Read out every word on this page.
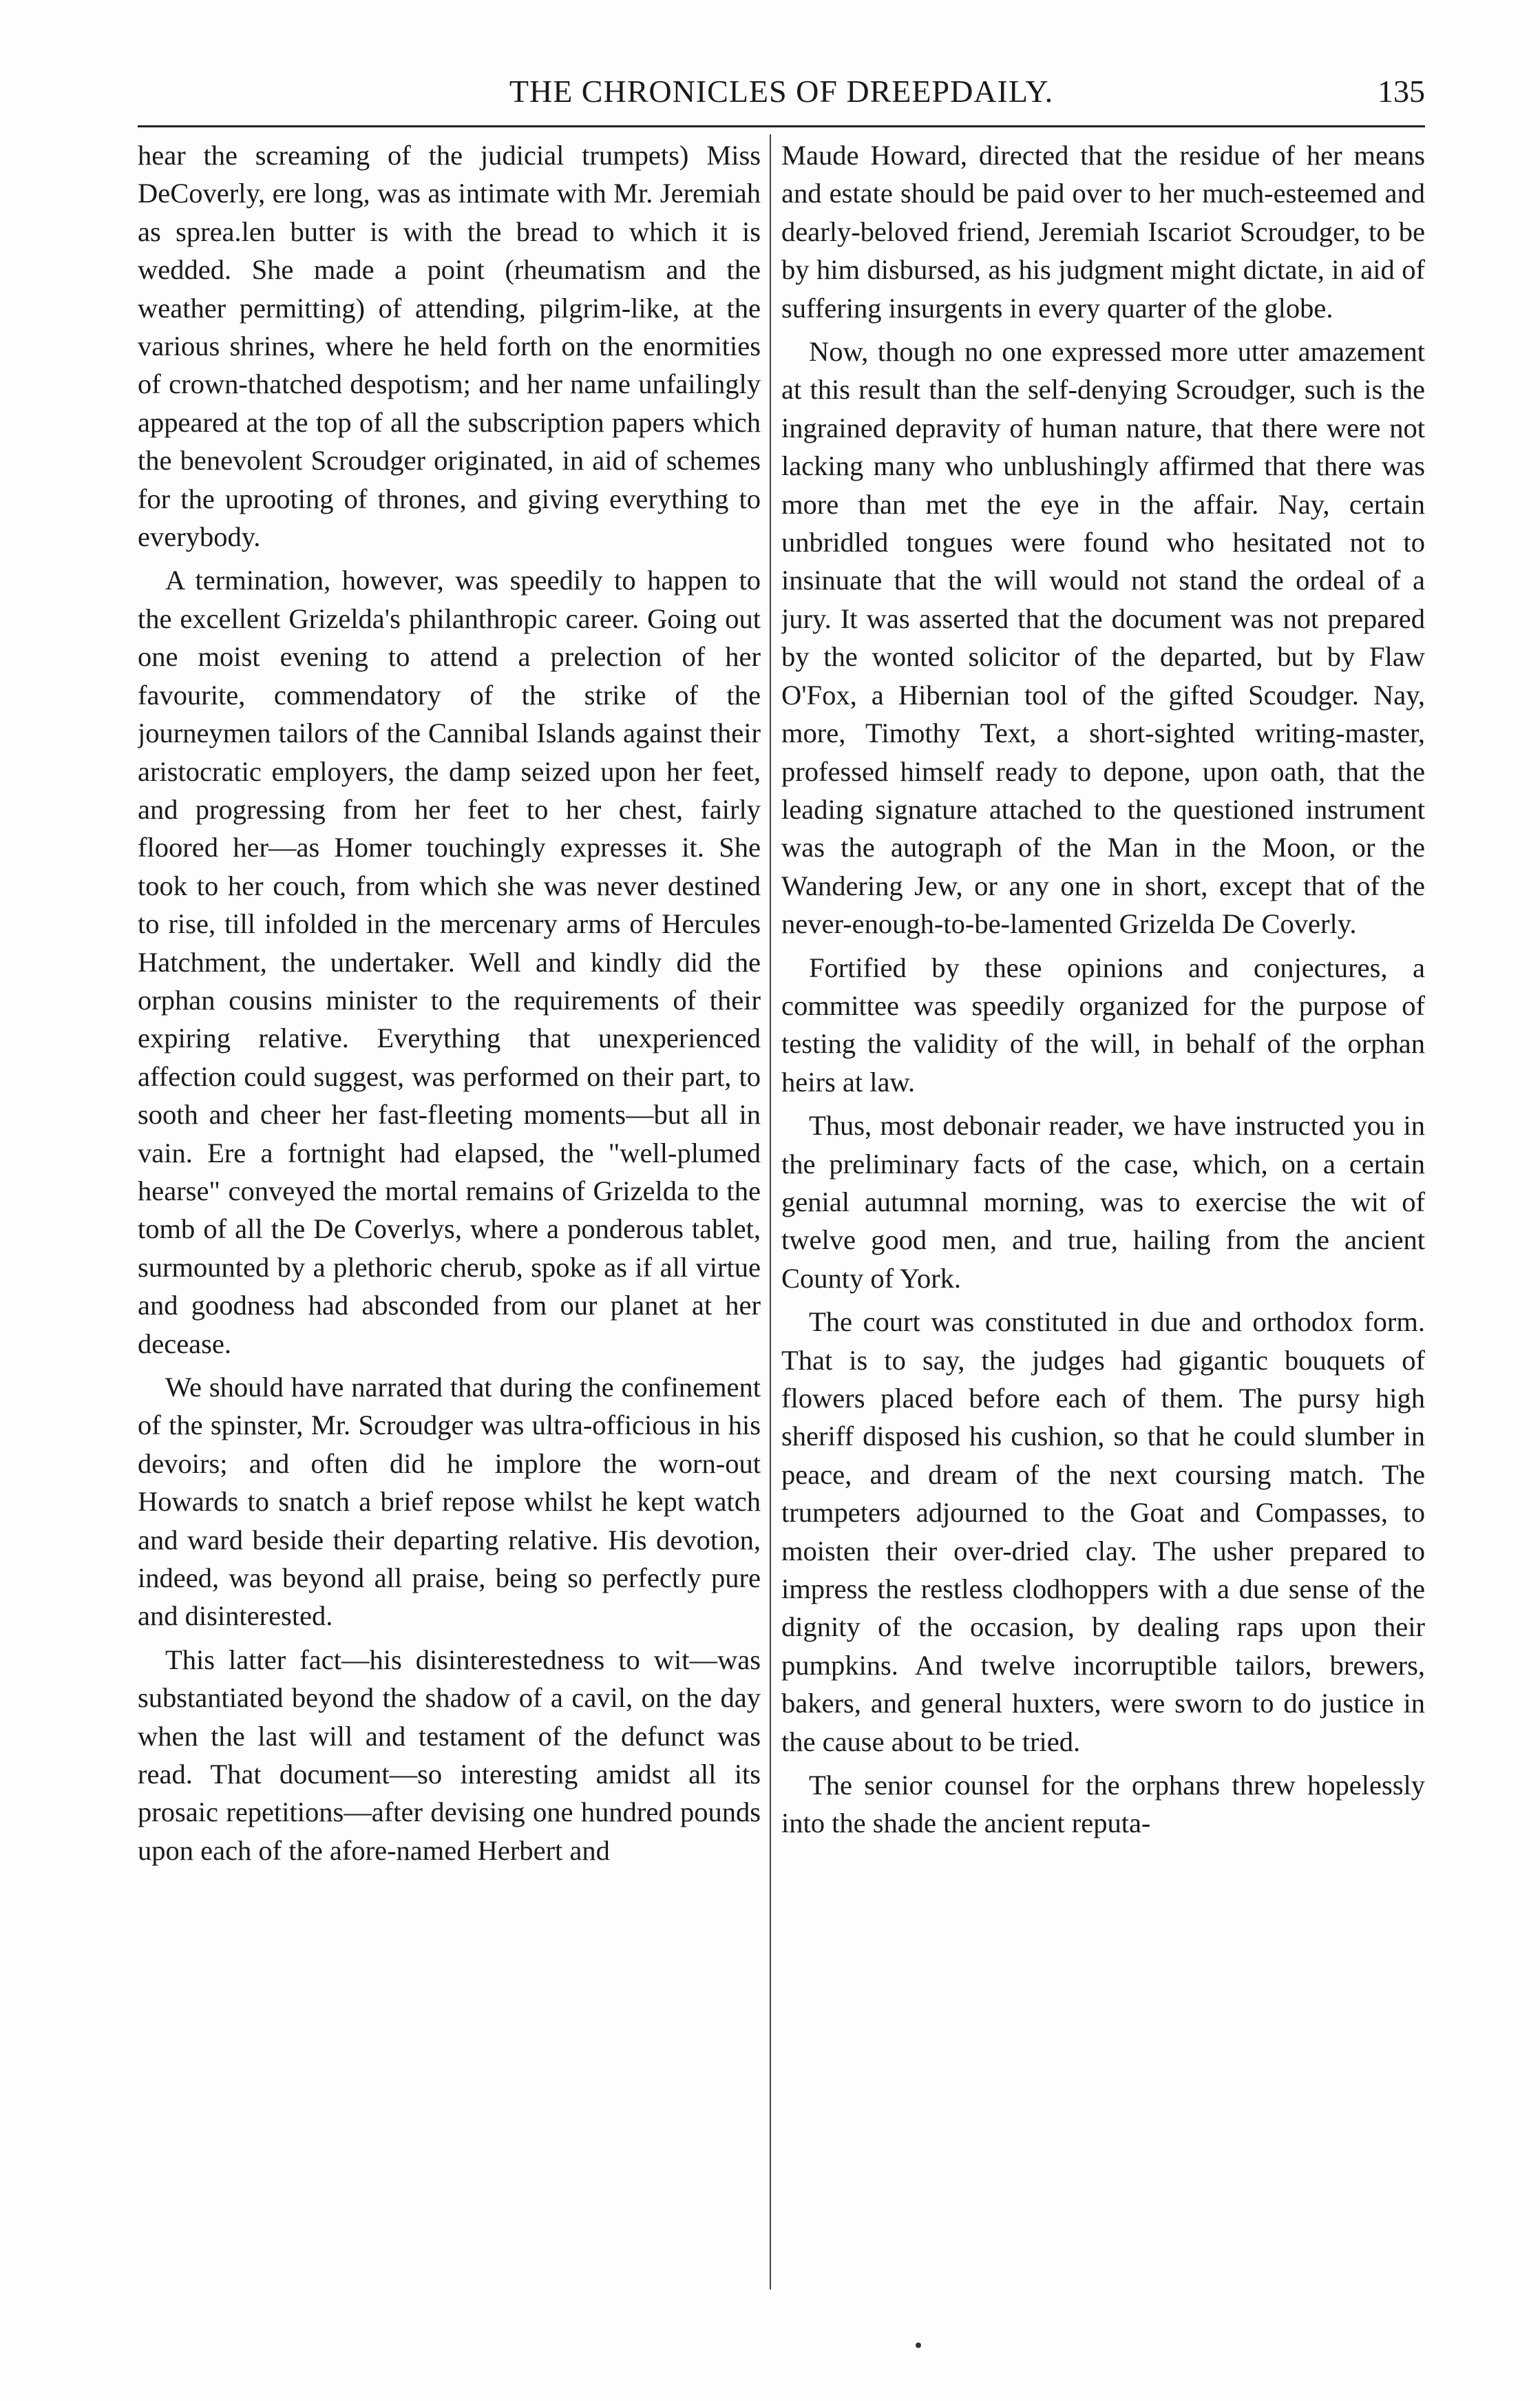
THE CHRONICLES OF DREEPDAILY.	135

hear the screaming of the judicial trumpets) Miss DeCoverly, ere long, was as intimate with Mr. Jeremiah as sprea.len butter is with the bread to which it is wedded. She made a point (rheumatism and the weather permitting) of attending, pilgrim-like, at the various shrines, where he held forth on the enormities of crown-thatched despotism; and her name unfailingly appeared at the top of all the subscription papers which the benevolent Scroudger originated, in aid of schemes for the uprooting of thrones, and giving everything to everybody.

A termination, however, was speedily to happen to the excellent Grizelda's philanthropic career. Going out one moist evening to attend a prelection of her favourite, commendatory of the strike of the journeymen tailors of the Cannibal Islands against their aristocratic employers, the damp seized upon her feet, and progressing from her feet to her chest, fairly floored her—as Homer touchingly expresses it. She took to her couch, from which she was never destined to rise, till infolded in the mercenary arms of Hercules Hatchment, the undertaker. Well and kindly did the orphan cousins minister to the requirements of their expiring relative. Everything that unexperienced affection could suggest, was performed on their part, to sooth and cheer her fast-fleeting moments—but all in vain. Ere a fortnight had elapsed, the "well-plumed hearse" conveyed the mortal remains of Grizelda to the tomb of all the De Coverlys, where a ponderous tablet, surmounted by a plethoric cherub, spoke as if all virtue and goodness had absconded from our planet at her decease.

We should have narrated that during the confinement of the spinster, Mr. Scroudger was ultra-officious in his devoirs; and often did he implore the worn-out Howards to snatch a brief repose whilst he kept watch and ward beside their departing relative. His devotion, indeed, was beyond all praise, being so perfectly pure and disinterested.

This latter fact—his disinterestedness to wit—was substantiated beyond the shadow of a cavil, on the day when the last will and testament of the defunct was read. That document—so interesting amidst all its prosaic repetitions—after devising one hundred pounds upon each of the afore-named Herbert and

Maude Howard, directed that the residue of her means and estate should be paid over to her much-esteemed and dearly-beloved friend, Jeremiah Iscariot Scroudger, to be by him disbursed, as his judgment might dictate, in aid of suffering insurgents in every quarter of the globe.

Now, though no one expressed more utter amazement at this result than the self-denying Scroudger, such is the ingrained depravity of human nature, that there were not lacking many who unblushingly affirmed that there was more than met the eye in the affair. Nay, certain unbridled tongues were found who hesitated not to insinuate that the will would not stand the ordeal of a jury. It was asserted that the document was not prepared by the wonted solicitor of the departed, but by Flaw O'Fox, a Hibernian tool of the gifted Scoudger. Nay, more, Timothy Text, a short-sighted writing-master, professed himself ready to depone, upon oath, that the leading signature attached to the questioned instrument was the autograph of the Man in the Moon, or the Wandering Jew, or any one in short, except that of the never-enough-to-be-lamented Grizelda De Coverly.

Fortified by these opinions and conjectures, a committee was speedily organized for the purpose of testing the validity of the will, in behalf of the orphan heirs at law.

Thus, most debonair reader, we have instructed you in the preliminary facts of the case, which, on a certain genial autumnal morning, was to exercise the wit of twelve good men, and true, hailing from the ancient County of York.

The court was constituted in due and orthodox form. That is to say, the judges had gigantic bouquets of flowers placed before each of them. The pursy high sheriff disposed his cushion, so that he could slumber in peace, and dream of the next coursing match. The trumpeters adjourned to the Goat and Compasses, to moisten their over-dried clay. The usher prepared to impress the restless clodhoppers with a due sense of the dignity of the occasion, by dealing raps upon their pumpkins. And twelve incorruptible tailors, brewers, bakers, and general huxters, were sworn to do justice in the cause about to be tried.

The senior counsel for the orphans threw hopelessly into the shade the ancient reputa-
